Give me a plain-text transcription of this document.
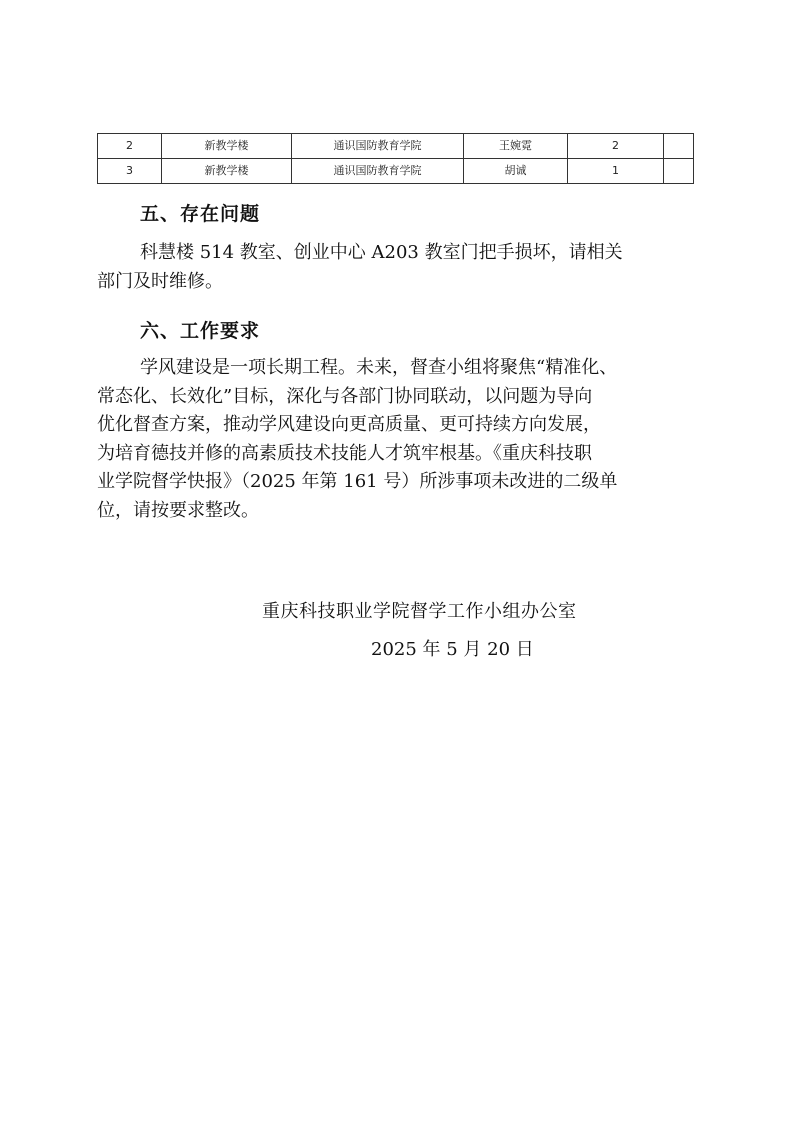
2	新教学楼	通识国防教育学院	王婉霓	2	
3	新教学楼	通识国防教育学院	胡诚	1	
五、存在问题
科慧楼 514 教室、创业中心 A203 教室门把手损坏，请相关
部门及时维修。
六、工作要求
学风建设是一项长期工程。未来，督查小组将聚焦“精准化、
常态化、长效化”目标，深化与各部门协同联动，以问题为导向
优化督查方案，推动学风建设向更高质量、更可持续方向发展，
为培育德技并修的高素质技术技能人才筑牢根基。《重庆科技职
业学院督学快报》（2025 年第 161 号）所涉事项未改进的二级单
位，请按要求整改。
重庆科技职业学院督学工作小组办公室
2025 年 5 月 20 日
